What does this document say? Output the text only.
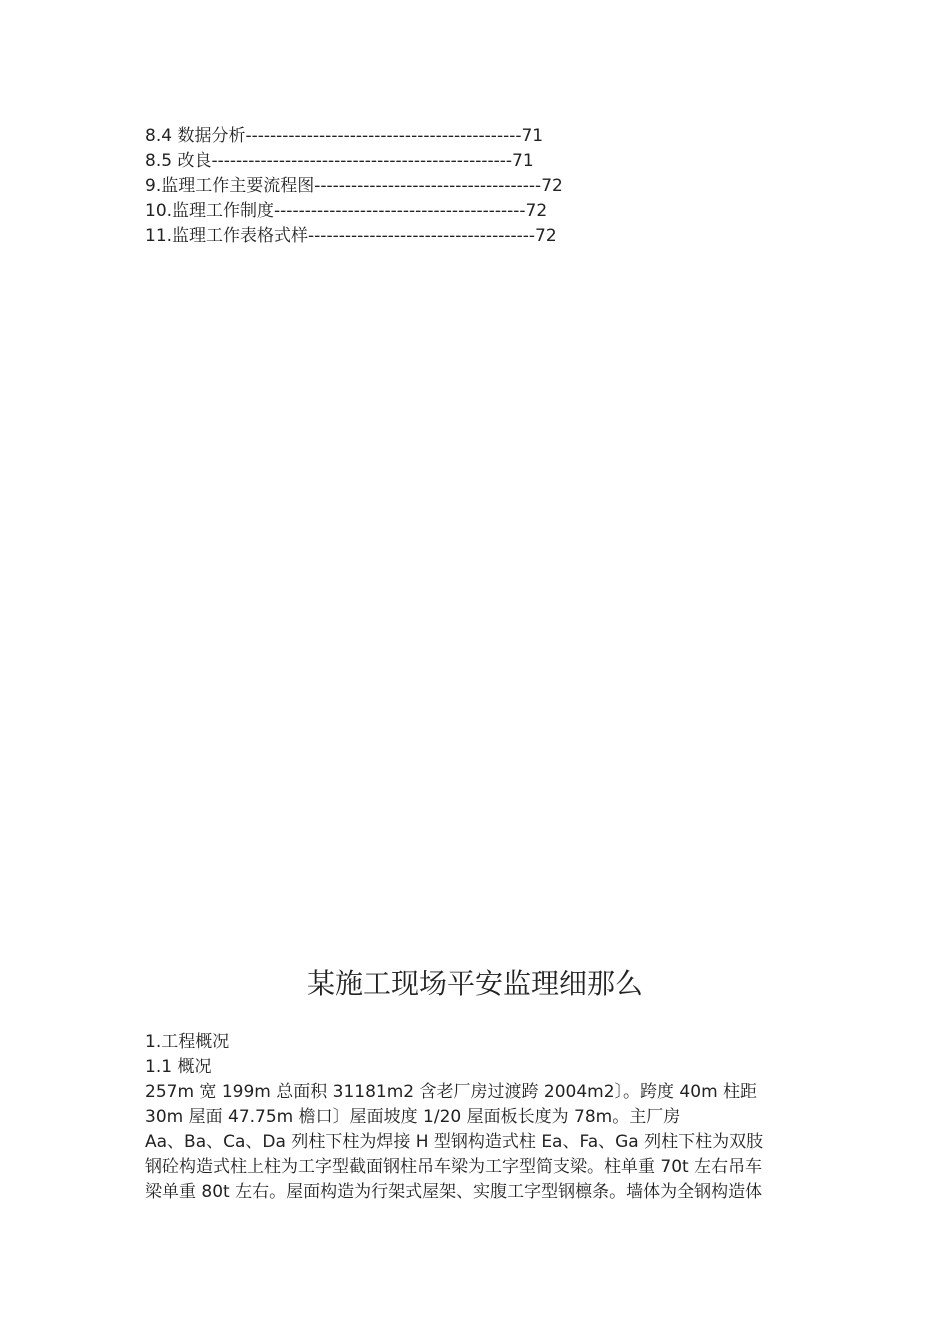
8.4 数据分析---------------------------------------------71
8.5 改良-------------------------------------------------71
9.监理工作主要流程图-------------------------------------72
10.监理工作制度-----------------------------------------72
11.监理工作表格式样-------------------------------------72
某施工现场平安监理细那么
1.工程概况
1.1 概况
257m 宽 199m 总面积 31181m2 含老厂房过渡跨 2004m2〕。跨度 40m 柱距
30m 屋面 47.75m 檐口〕屋面坡度 1/20 屋面板长度为 78m。主厂房
Aa、Ba、Ca、Da 列柱下柱为焊接 H 型钢构造式柱 Ea、Fa、Ga 列柱下柱为双肢
钢砼构造式柱上柱为工字型截面钢柱吊车梁为工字型简支梁。柱单重 70t 左右吊车
梁单重 80t 左右。屋面构造为行架式屋架、实腹工字型钢檩条。墙体为全钢构造体
